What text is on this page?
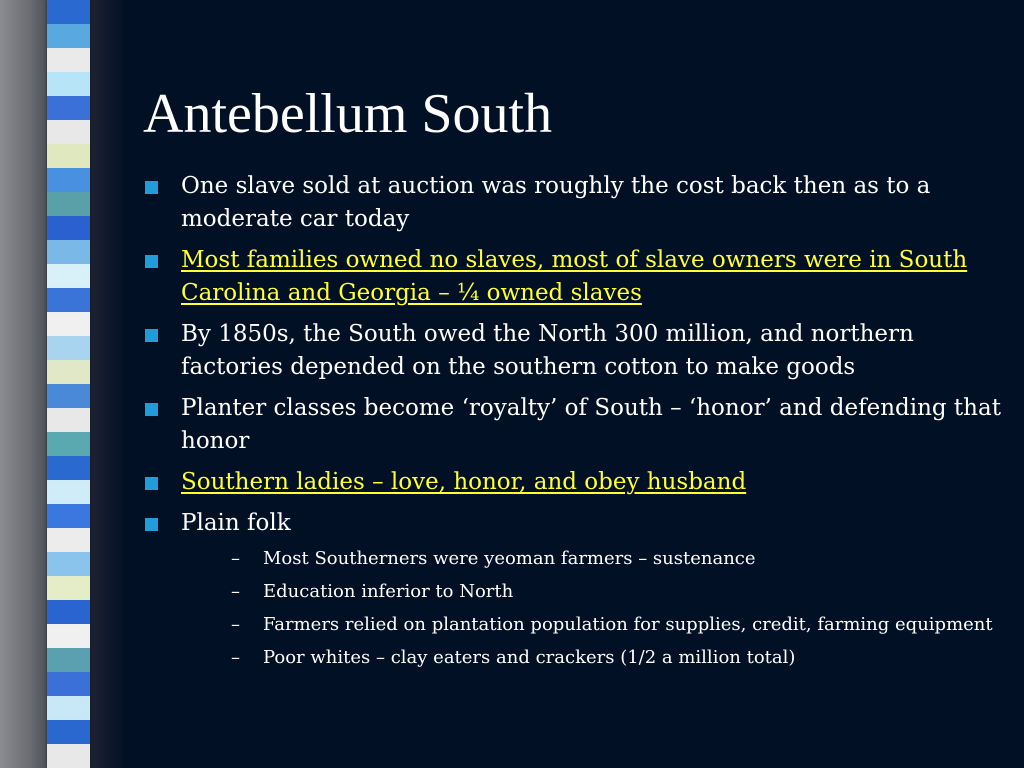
Antebellum South
One slave sold at auction was roughly the cost back then as to a moderate car today
Most families owned no slaves, most of slave owners were in South Carolina and Georgia – ¼ owned slaves
By 1850s, the South owed the North 300 million, and northern factories depended on the southern cotton to make goods
Planter classes become ‘royalty’ of South – ‘honor’ and defending that honor
Southern ladies – love, honor, and obey husband
Plain folk
– Most Southerners were yeoman farmers – sustenance
– Education inferior to North
– Farmers relied on plantation population for supplies, credit, farming equipment
– Poor whites – clay eaters and crackers (1/2 a million total)
